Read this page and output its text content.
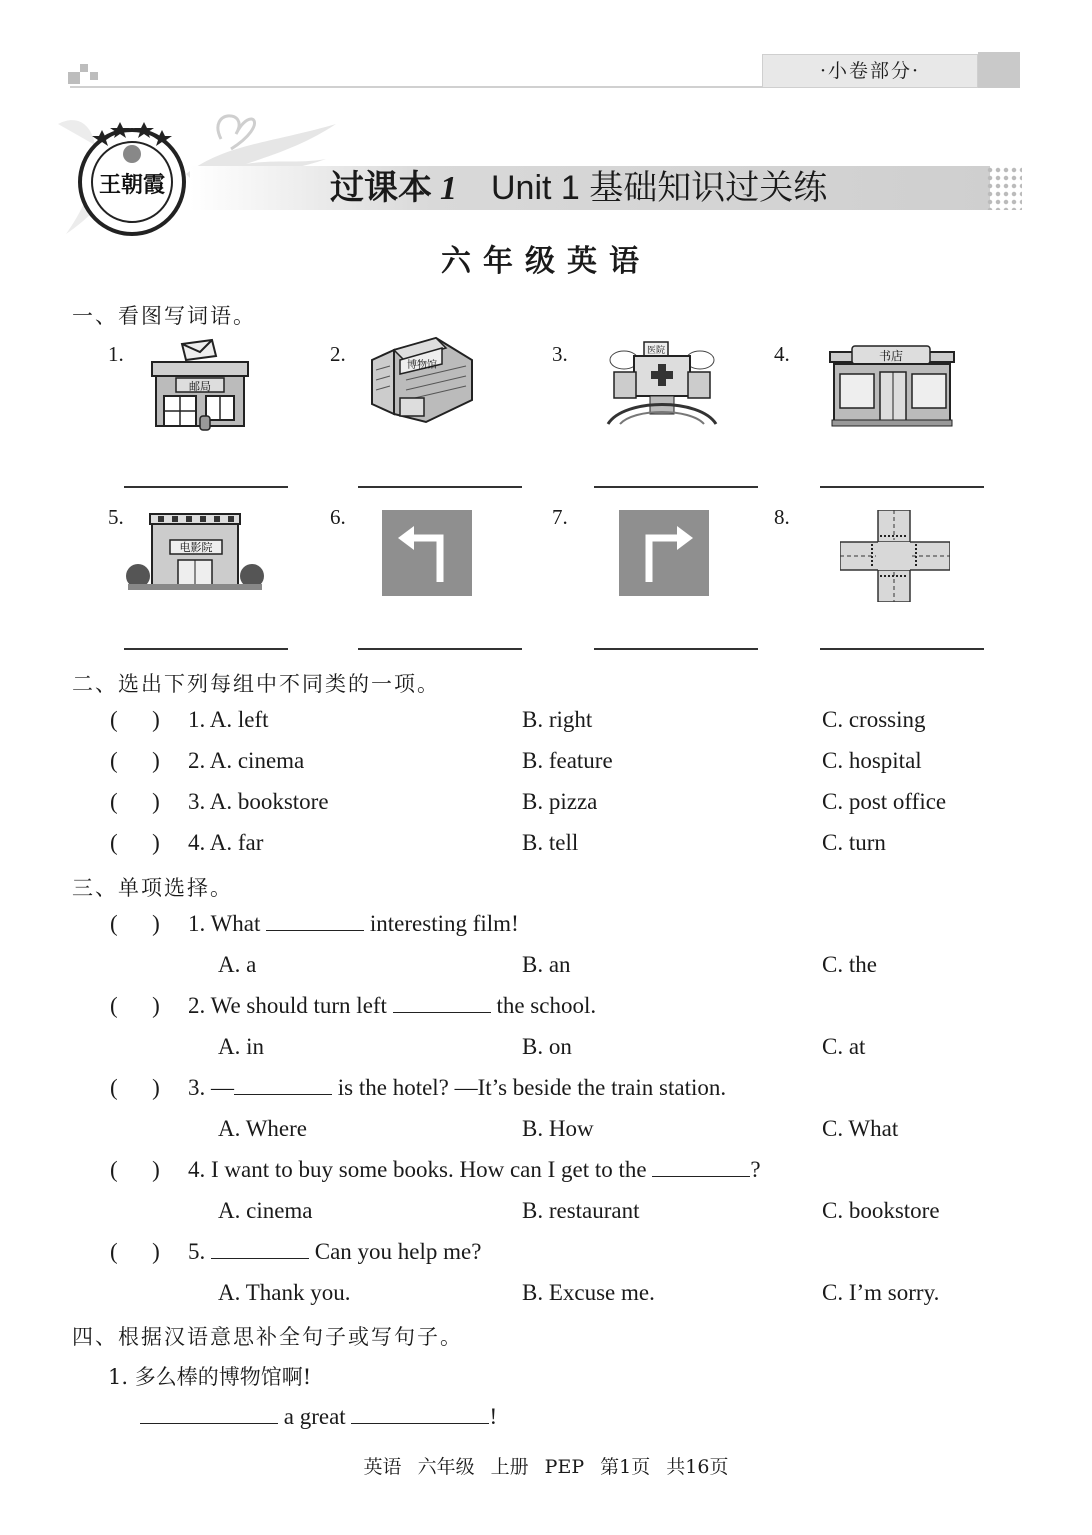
·小卷部分·
王朝霞	过课本 1 Unit 1 基础知识过关练
六年级英语
一、看图写词语。
1.	2.	3.	4.
邮局
博物馆
医院	书店
5.	6.	7.	8.
电影院
二、选出下列每组中不同类的一项。
(      ) 1. A. left	B. right	C. crossing
(      ) 2. A. cinema	B. feature	C. hospital
(      ) 3. A. bookstore	B. pizza	C. post office
(      ) 4. A. far	B. tell	C. turn
三、单项选择。
(      ) 1. What	interesting film!
A. a	B. an	C. the
(      ) 2. We should turn left	the school.
A. in	B. on	C. at
(      ) 3. —	is the hotel? —It’s beside the train station.
A. Where	B. How	C. What
(      ) 4. I want to buy some books. How can I get to the	?
A. cinema	B. restaurant	C. bookstore
(      ) 5.	Can you help me?
A. Thank you.	B. Excuse me.	C. I’m sorry.
四、根据汉语意思补全句子或写句子。
1. 多么棒的博物馆啊!
a great	!
英语 六年级 上册 PEP 第1页 共16页
